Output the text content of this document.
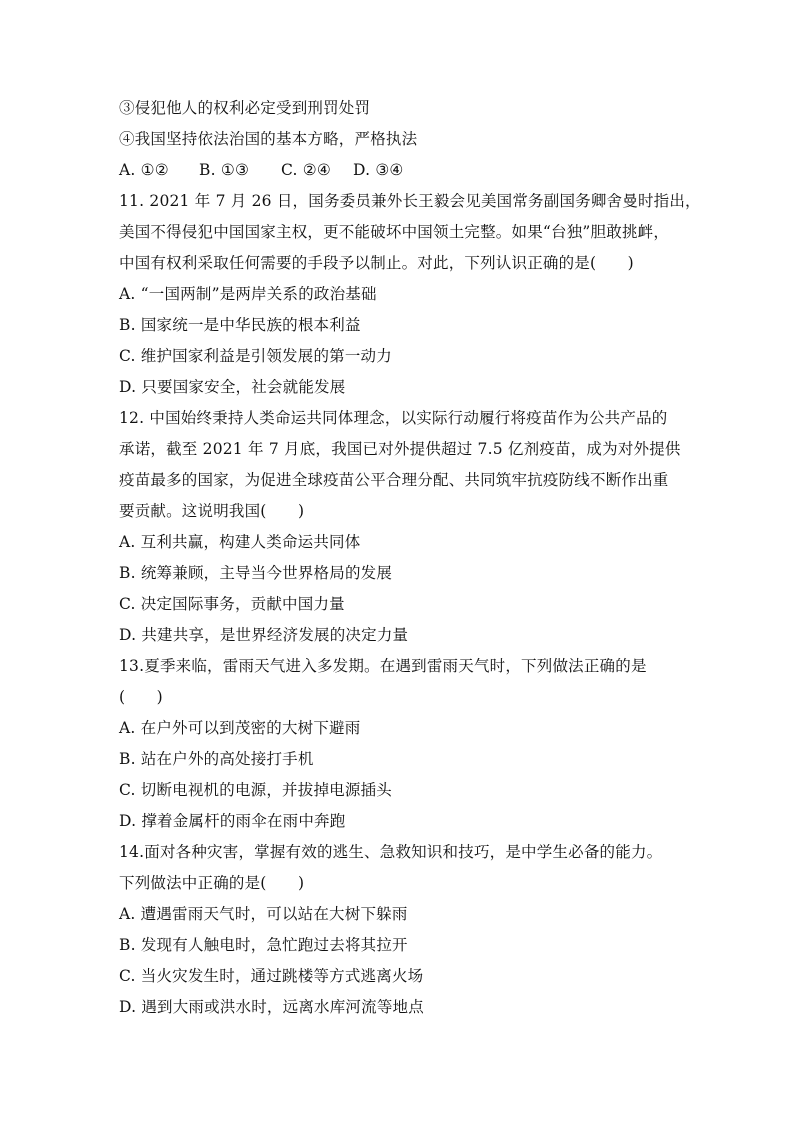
③侵犯他人的权利必定受到刑罚处罚
④我国坚持依法治国的基本方略，严格执法
A. ①② B. ①③ C. ②④ D. ③④
11. 2021 年 7 月 26 日，国务委员兼外长王毅会见美国常务副国务卿舍曼时指出，
美国不得侵犯中国国家主权，更不能破坏中国领土完整。如果“台独”胆敢挑衅，
中国有权利采取任何需要的手段予以制止。对此，下列认识正确的是(　　)
A. “一国两制”是两岸关系的政治基础
B. 国家统一是中华民族的根本利益
C. 维护国家利益是引领发展的第一动力
D. 只要国家安全，社会就能发展
12. 中国始终秉持人类命运共同体理念，以实际行动履行将疫苗作为公共产品的
承诺，截至 2021 年 7 月底，我国已对外提供超过 7.5 亿剂疫苗，成为对外提供
疫苗最多的国家，为促进全球疫苗公平合理分配、共同筑牢抗疫防线不断作出重
要贡献。这说明我国(　　)
A. 互利共赢，构建人类命运共同体
B. 统筹兼顾，主导当今世界格局的发展
C. 决定国际事务，贡献中国力量
D. 共建共享，是世界经济发展的决定力量
13.夏季来临，雷雨天气进入多发期。在遇到雷雨天气时，下列做法正确的是
(　　)
A. 在户外可以到茂密的大树下避雨
B. 站在户外的高处接打手机
C. 切断电视机的电源，并拔掉电源插头
D. 撑着金属杆的雨伞在雨中奔跑
14.面对各种灾害，掌握有效的逃生、急救知识和技巧，是中学生必备的能力。
下列做法中正确的是(　　)
A. 遭遇雷雨天气时，可以站在大树下躲雨
B. 发现有人触电时，急忙跑过去将其拉开
C. 当火灾发生时，通过跳楼等方式逃离火场
D. 遇到大雨或洪水时，远离水库河流等地点
